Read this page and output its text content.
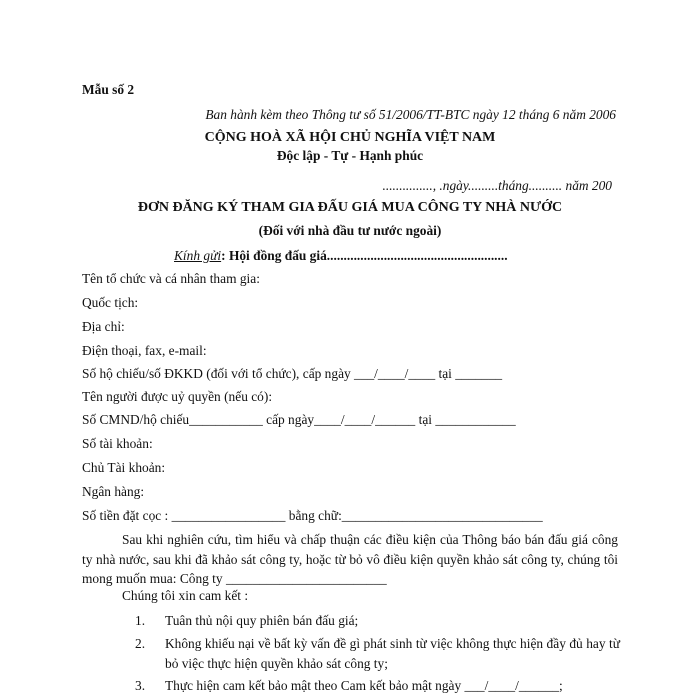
Mẫu số 2
Ban hành kèm theo Thông tư số 51/2006/TT-BTC ngày 12 tháng 6 năm 2006
CỘNG HOÀ XÃ HỘI CHỦ NGHĨA VIỆT NAM
Độc lập - Tự - Hạnh phúc
..............., .ngày.........tháng.......... năm 200
ĐƠN ĐĂNG KÝ THAM GIA ĐẤU GIÁ MUA CÔNG TY NHÀ NƯỚC
(Đối với nhà đầu tư nước ngoài)
Kính gửi: Hội đồng đấu giá......................................................
Tên tổ chức và cá nhân tham gia:
Quốc tịch:
Địa chỉ:
Điện thoại, fax, e-mail:
Số hộ chiếu/số ĐKKD (đối với tổ chức), cấp ngày ___/____/____ tại _______
Tên người được uỷ quyền (nếu có):
Số CMND/hộ chiếu___________ cấp ngày____/____/______ tại ____________
Số tài khoản:
Chủ Tài khoản:
Ngân hàng:
Số tiền đặt cọc : _________________ bằng chữ:______________________________
Sau khi nghiên cứu, tìm hiểu và chấp thuận các điều kiện của Thông báo bán đấu giá công ty nhà nước, sau khi đã khảo sát công ty, hoặc từ bỏ vô điều kiện quyền khảo sát công ty, chúng tôi mong muốn mua: Công ty ________________________
Chúng tôi xin cam kết :
1. Tuân thủ nội quy phiên bán đấu giá;
2. Không khiếu nại về bất kỳ vấn đề gì phát sinh từ việc không thực hiện đầy đủ hay từ bỏ việc thực hiện quyền khảo sát công ty;
3. Thực hiện cam kết bảo mật theo Cam kết bảo mật ngày ___/____/______;
